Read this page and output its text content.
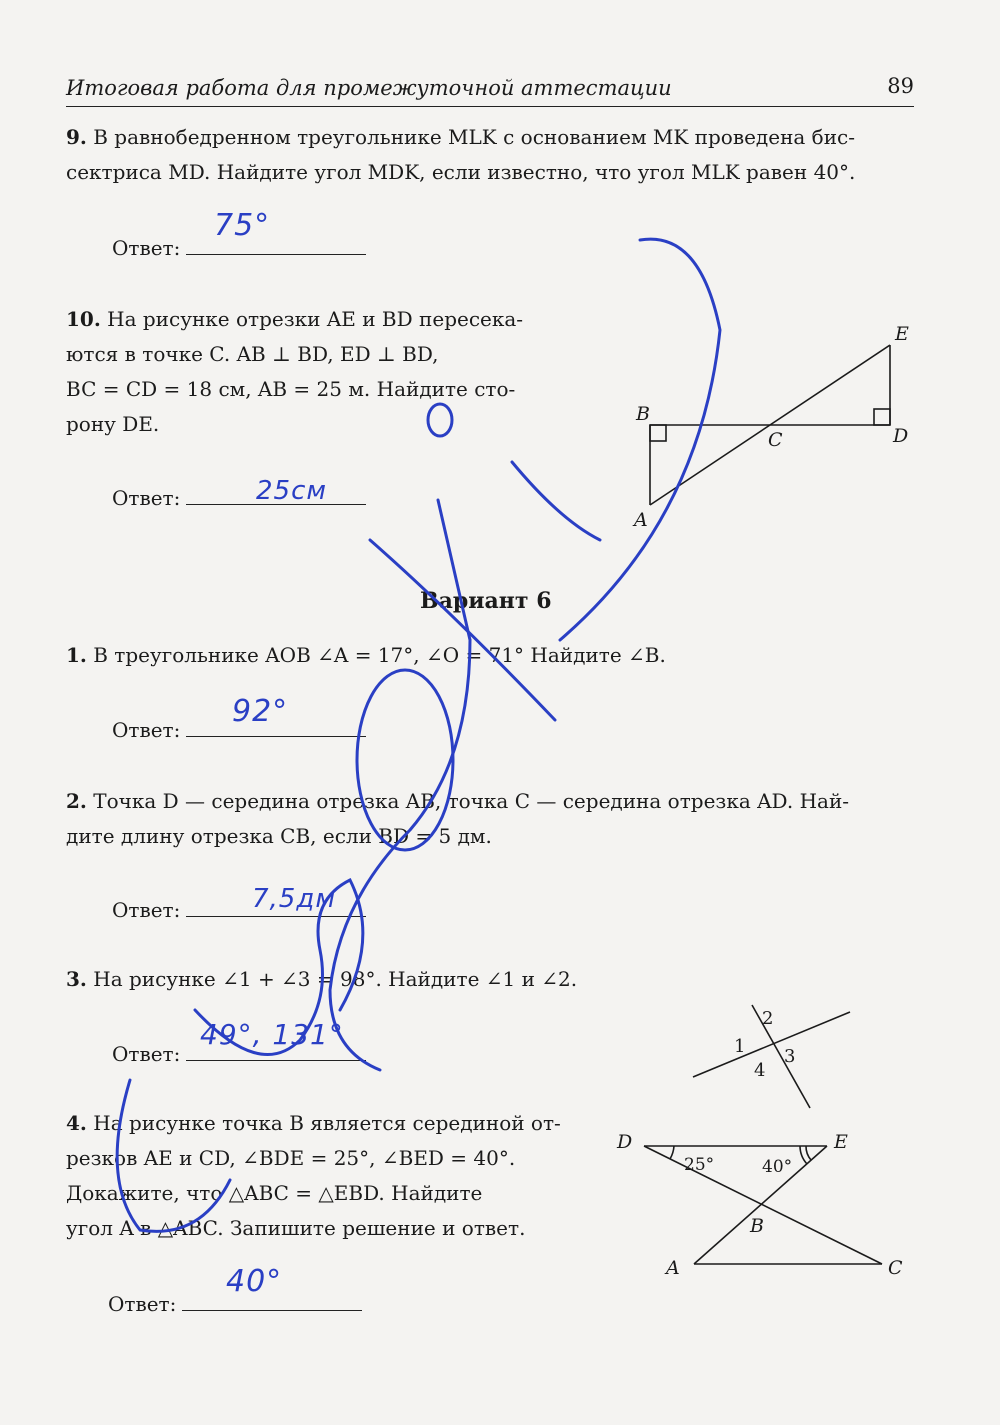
Итоговая работа для промежуточной аттестации	89
9. В равнобедренном треугольнике MLK с основанием MK проведена бис-
сектриса MD. Найдите угол MDK, если известно, что угол MLK равен 40°.
Ответ:
75°
10. На рисунке отрезки AE и BD пересека-
ются в точке C. AB ⊥ BD, ED ⊥ BD,
BC = CD = 18 см, AB = 25 м. Найдите сто-
рону DE.
Ответ:	25см
E
B
C	D
A
Вариант 6
1. В треугольнике AOB ∠A = 17°, ∠O = 71° Найдите ∠B.
Ответ:
92°
2. Точка D — середина отрезка AB, точка C — середина отрезка AD. Най-
дите длину отрезка CB, если BD = 5 дм.
Ответ:	7,5дм
3. На рисунке ∠1 + ∠3 = 98°. Найдите ∠1 и ∠2.
Ответ:
49°, 131°	2
1 3
4
4. На рисунке точка B является серединой от-
резков AE и CD, ∠BDE = 25°, ∠BED = 40°.
Докажите, что △ABC = △EBD. Найдите
угол A в △ABC. Запишите решение и ответ.
Ответ:
40°
D	E
B
A	C
25°	40°
